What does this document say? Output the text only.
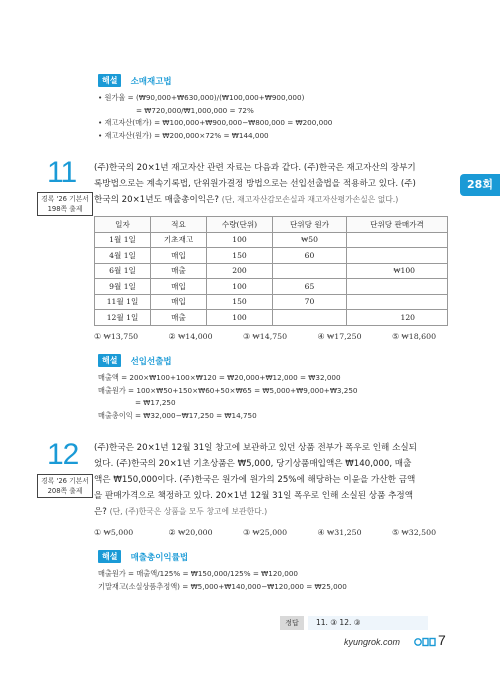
해설 소매재고법
• 원가율 = (₩90,000+₩630,000)/(₩100,000+₩900,000)
= ₩720,000/₩1,000,000 = 72%
• 재고자산(매가) = ₩100,000+₩900,000−₩800,000 = ₩200,000
• 재고자산(원가) = ₩200,000×72% = ₩144,000
28회
11
경록 '26 기본서
198쪽 출제
(주)한국의 20×1년 재고자산 관련 자료는 다음과 같다. (주)한국은 재고자산의 장부기
록방법으로는 계속기록법, 단위원가결정 방법으로는 선입선출법을 적용하고 있다. (주)
한국의 20×1년도 매출총이익은? (단, 재고자산감모손실과 재고자산평가손실은 없다.)
일자	적요	수량(단위)	단위당 원가	단위당 판매가격
1월 1일	기초재고	100	₩50	
4월 1일	매입	150	60	
6월 1일	매출	200		₩100
9월 1일	매입	100	65	
11월 1일	매입	150	70	
12월 1일	매출	100		120
① ₩13,750	② ₩14,000	③ ₩14,750	④ ₩17,250	⑤ ₩18,600
해설 선입선출법
매출액 = 200×₩100+100×₩120 = ₩20,000+₩12,000 = ₩32,000
매출원가 = 100×₩50+150×₩60+50×₩65 = ₩5,000+₩9,000+₩3,250
= ₩17,250
매출총이익 = ₩32,000−₩17,250 = ₩14,750
12
경록 '26 기본서
208쪽 출제
(주)한국은 20×1년 12월 31일 창고에 보관하고 있던 상품 전부가 폭우로 인해 소실되
었다. (주)한국의 20×1년 기초상품은 ₩5,000, 당기상품매입액은 ₩140,000, 매출
액은 ₩150,000이다. (주)한국은 원가에 원가의 25%에 해당하는 이윤을 가산한 금액
을 판매가격으로 책정하고 있다. 20×1년 12월 31일 폭우로 인해 소실된 상품 추정액
은? (단, (주)한국은 상품을 모두 창고에 보관한다.)
① ₩5,000	② ₩20,000	③ ₩25,000	④ ₩31,250	⑤ ₩32,500
해설 매출총이익률법
매출원가 = 매출액/125% = ₩150,000/125% = ₩120,000
기말재고(소실상품추정액) = ₩5,000+₩140,000−₩120,000 = ₩25,000
정답	11. ③ 12. ③
kyungrok.com	7
